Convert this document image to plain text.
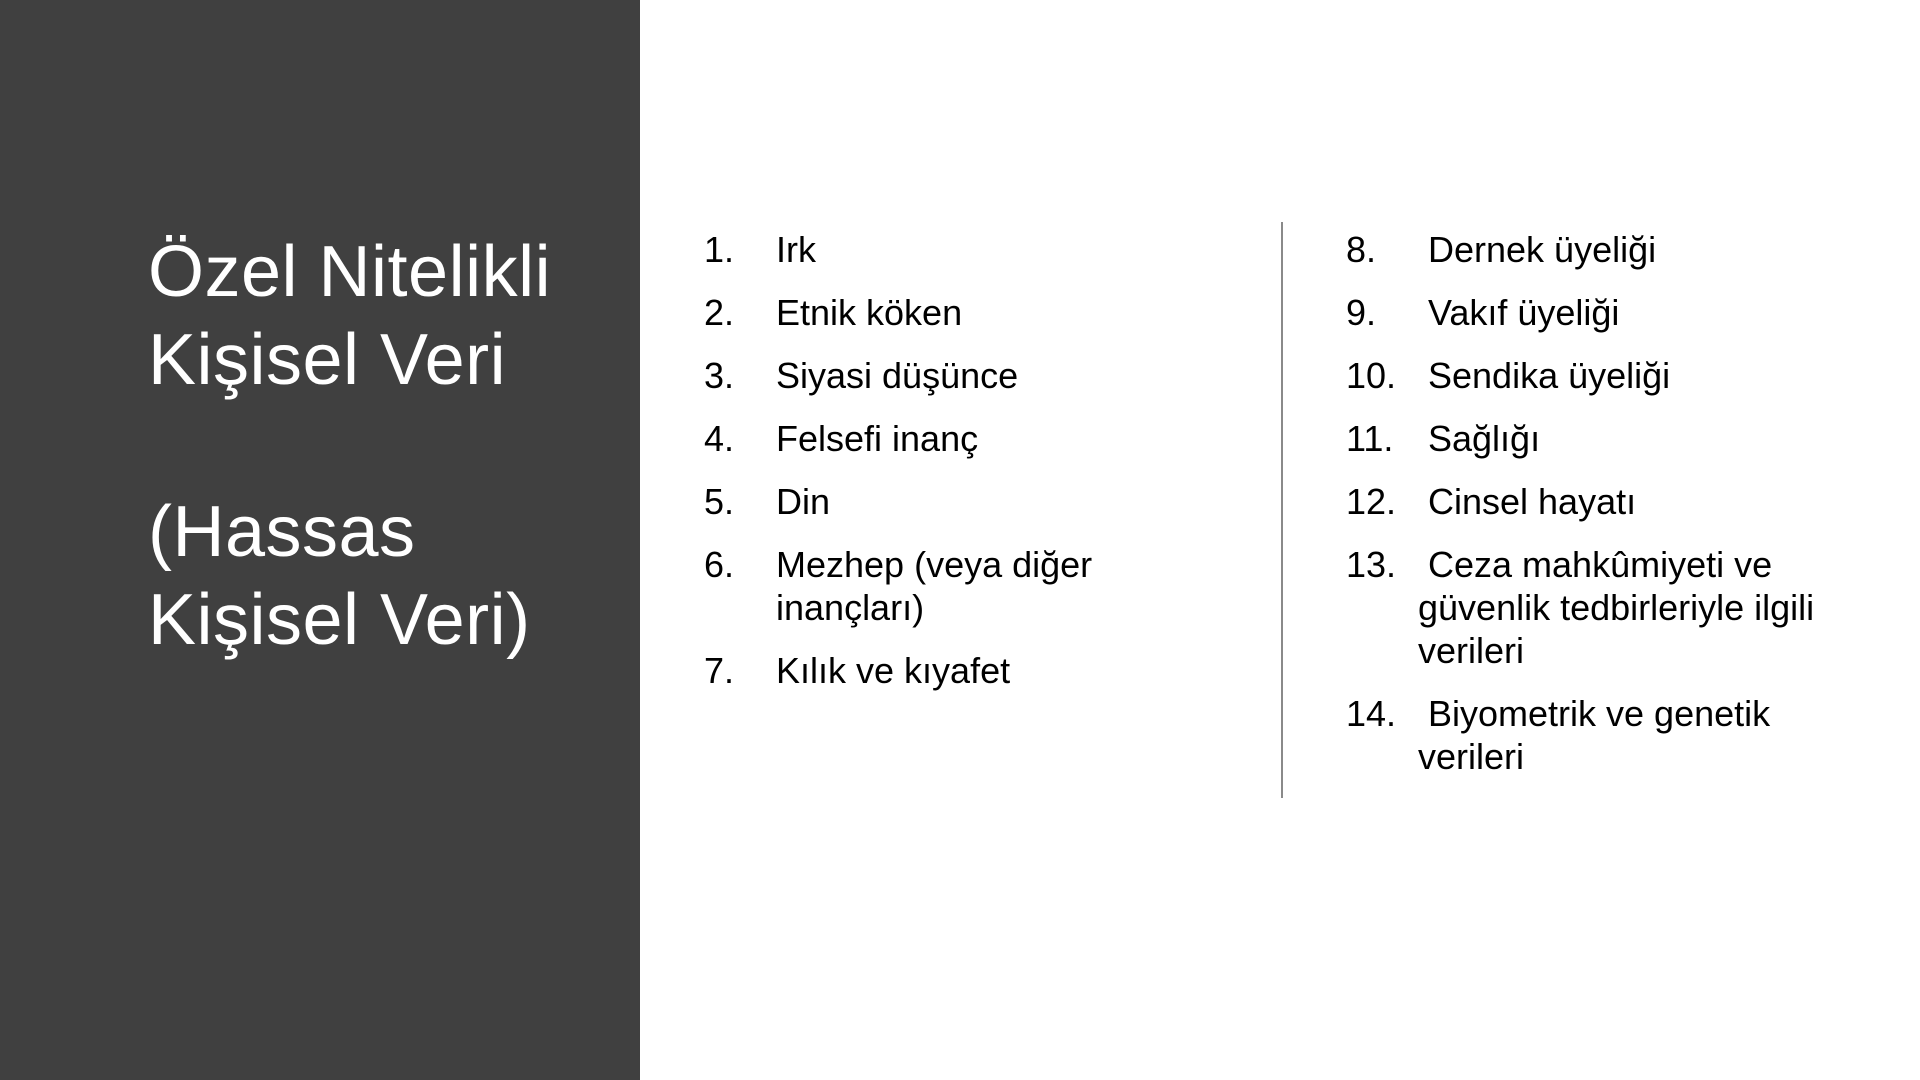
Özel Nitelikli
Kişisel Veri
(Hassas
Kişisel Veri)
1. Irk
2. Etnik köken
3. Siyasi düşünce
4. Felsefi inanç
5. Din
6. Mezhep (veya diğer inançları)
7. Kılık ve kıyafet
8. Dernek üyeliği
9. Vakıf üyeliği
10. Sendika üyeliği
11. Sağlığı
12. Cinsel hayatı
13. Ceza mahkûmiyeti ve güvenlik tedbirleriyle ilgili verileri
14. Biyometrik ve genetik verileri
